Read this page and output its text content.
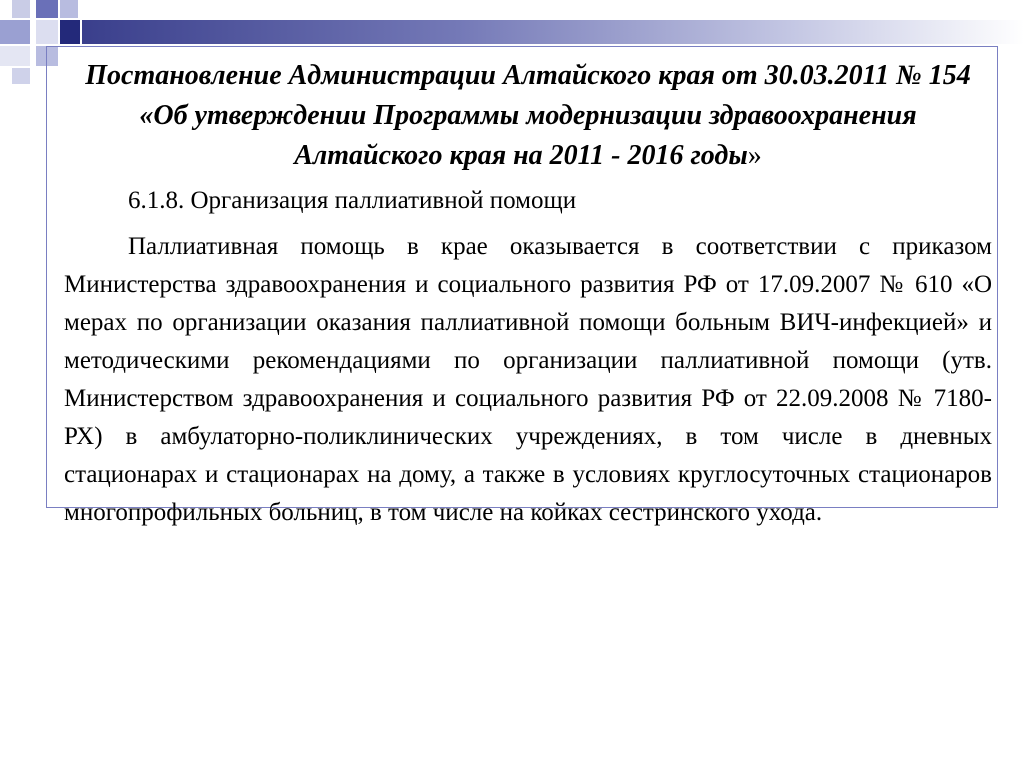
Постановление Администрации Алтайского края от 30.03.2011 № 154 «Об утверждении Программы модернизации здравоохранения Алтайского края на 2011 - 2016 годы»

6.1.8. Организация паллиативной помощи

Паллиативная помощь в крае оказывается в соответствии с приказом Министерства здравоохранения и социального развития РФ от 17.09.2007 № 610 «О мерах по организации оказания паллиативной помощи больным ВИЧ-инфекцией» и методическими рекомендациями по организации паллиативной помощи (утв. Министерством здравоохранения и социального развития РФ от 22.09.2008 № 7180-РХ) в амбулаторно-поликлинических учреждениях, в том числе в дневных стационарах и стационарах на дому, а также в условиях круглосуточных стационаров многопрофильных больниц, в том числе на койках сестринского ухода.
